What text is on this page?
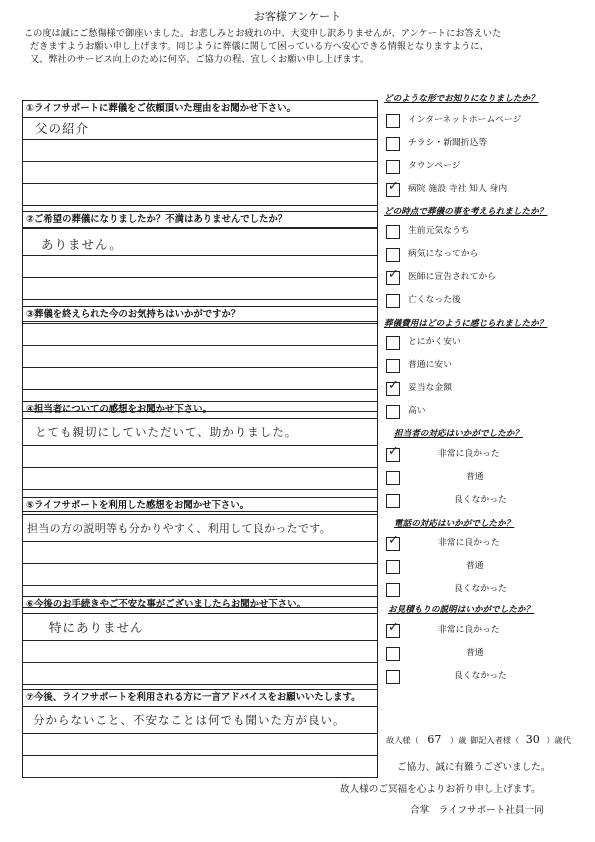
お客様アンケート
この度は誠にご愁傷様で御座いました。お悲しみとお疲れの中、大変申し訳ありませんが、アンケートにお答えいた
だきますようお願い申し上げます。同じように葬儀に関して困っている方へ安心できる情報となりますように、
又、弊社のサービス向上のために何卒、ご協力の程、宜しくお願い申し上げます。
①ライフサポートに葬儀をご依頼頂いた理由をお聞かせ下さい。
父の紹介
②ご希望の葬儀になりましたか？不満はありませんでしたか？
ありません。
③葬儀を終えられた今のお気持ちはいかがですか？
④担当者についての感想をお聞かせ下さい。
とても親切にしていただいて、助かりました。
⑤ライフサポートを利用した感想をお聞かせ下さい。
担当の方の説明等も分かりやすく、利用して良かったです。
⑥今後のお手続きやご不安な事がございましたらお聞かせ下さい。
特にありません
⑦今後、ライフサポートを利用される方に一言アドバイスをお願いいたします。
分からないこと、不安なことは何でも聞いた方が良い。
どのような形でお知りになりましたか？
インターネットホームページ
チラシ・新聞折込等
タウンページ
✓ 病院 施設 寺社 知人 身内
どの時点で葬儀の事を考えられましたか？
生前元気なうち
病気になってから
✓ 医師に宣告されてから
亡くなった後
葬儀費用はどのように感じられましたか？
とにかく安い
普通に安い
✓ 妥当な金額
高い
担当者の対応はいかがでしたか？
✓	非常に良かった
普通
良くなかった
電話の対応はいかがでしたか？
✓	非常に良かった
普通
良くなかった
お見積もりの説明はいかがでしたか？
✓	非常に良かった
普通
良くなかった
故人様（ 67 ）歳 御記入者様（ 30 ）歳代
ご協力、誠に有難うございました。
故人様のご冥福を心よりお祈り申し上げます。
合掌　ライフサポート社員一同
